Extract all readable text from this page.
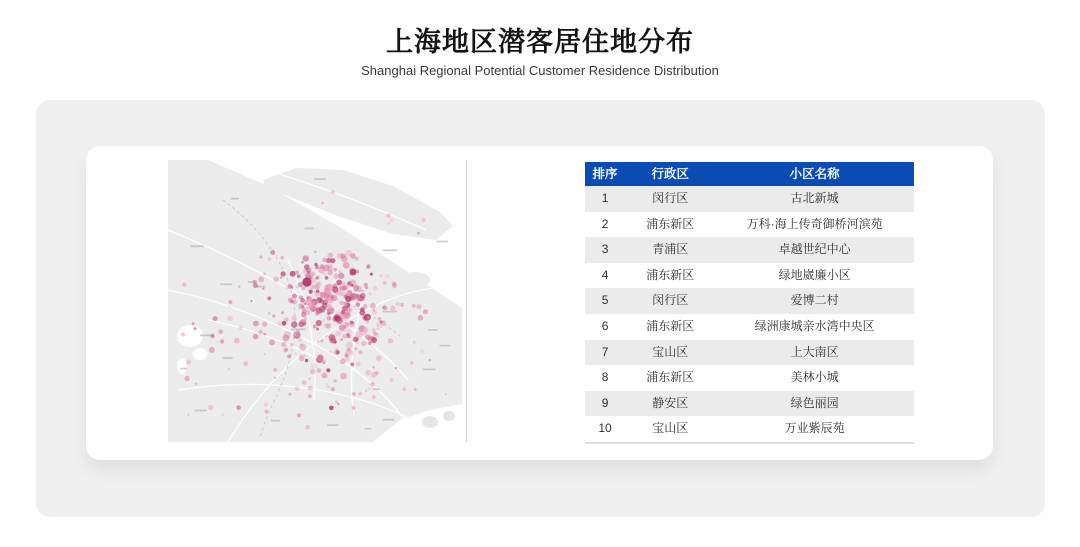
上海地区潜客居住地分布

Shanghai Regional Potential Customer Residence Distribution

排序	行政区	小区名称
1	闵行区	古北新城
2	浦东新区	万科·海上传奇御桥河滨苑
3	青浦区	卓越世纪中心
4	浦东新区	绿地崴廉小区
5	闵行区	爱博二村
6	浦东新区	绿洲康城亲水湾中央区
7	宝山区	上大南区
8	浦东新区	美林小城
9	静安区	绿色丽园
10	宝山区	万业紫辰苑
